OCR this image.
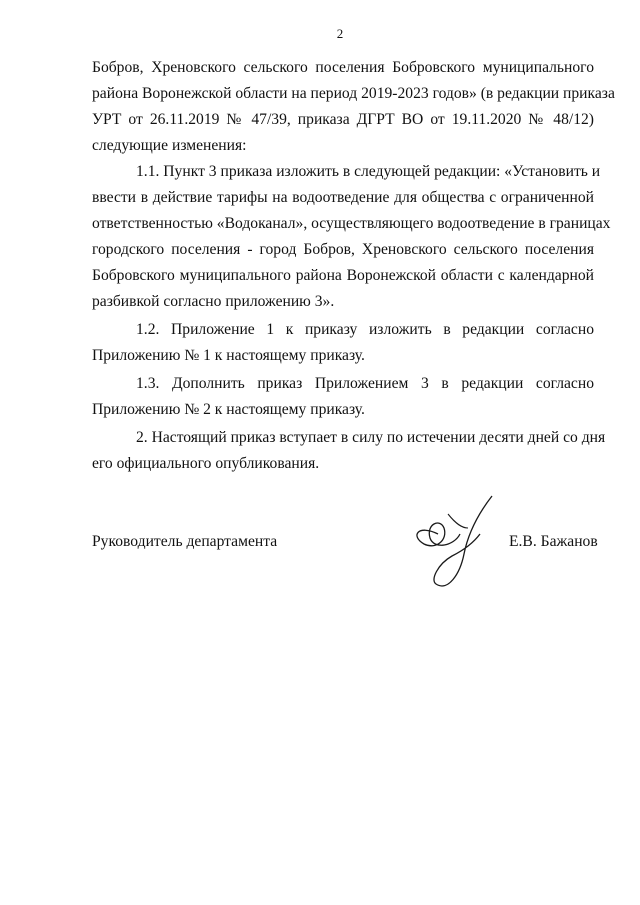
2
Бобров, Хреновского сельского поселения Бобровского муниципального
района Воронежской области на период 2019-2023 годов» (в редакции приказа
УРТ от 26.11.2019 № 47/39, приказа ДГРТ ВО от 19.11.2020 № 48/12)
следующие изменения:
1.1. Пункт 3 приказа изложить в следующей редакции: «Установить и
ввести в действие тарифы на водоотведение для общества с ограниченной
ответственностью «Водоканал», осуществляющего водоотведение в границах
городского поселения - город Бобров, Хреновского сельского поселения
Бобровского муниципального района Воронежской области с календарной
разбивкой согласно приложению 3».
1.2. Приложение 1 к приказу изложить в редакции согласно
Приложению № 1 к настоящему приказу.
1.3. Дополнить приказ Приложением 3 в редакции согласно
Приложению № 2 к настоящему приказу.
2. Настоящий приказ вступает в силу по истечении десяти дней со дня
его официального опубликования.
Руководитель департамента	Е.В. Бажанов
